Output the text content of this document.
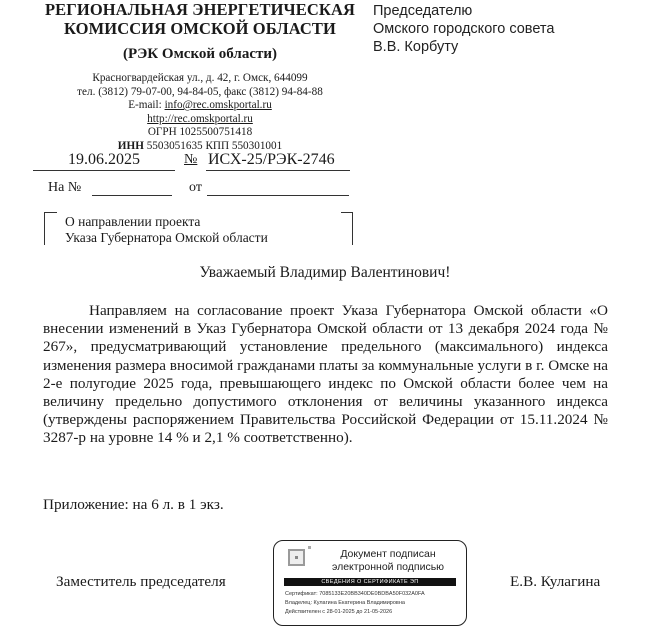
РЕГИОНАЛЬНАЯ ЭНЕРГЕТИЧЕСКАЯ
КОМИССИЯ ОМСКОЙ ОБЛАСТИ
(РЭК Омской области)
Красногвардейская ул., д. 42, г. Омск, 644099
тел. (3812) 79-07-00, 94-84-05, факс (3812) 94-84-88
E-mail: info@rec.omskportal.ru
http://rec.omskportal.ru
ОГРН 1025500751418
ИНН 5503051635 КПП 550301001
19.06.2025	№ ИСХ-25/РЭК-2746
На №	от
О направлении проекта
Указа Губернатора Омской области
Председателю
Омского городского совета
В.В. Корбуту
Уважаемый Владимир Валентинович!
Направляем на согласование проект Указа Губернатора Омской области «О внесении изменений в Указ Губернатора Омской области от 13 декабря 2024 года № 267», предусматривающий установление предельного (максимального) индекса изменения размера вносимой гражданами платы за коммунальные услуги в г. Омске на 2-е полугодие 2025 года, превышающего индекс по Омской области более чем на величину предельно допустимого отклонения от величины указанного индекса (утверждены распоряжением Правительства Российской Федерации от 15.11.2024 № 3287-р на уровне 14 % и 2,1 % соответственно).
Приложение: на 6 л. в 1 экз.
Заместитель председателя	Е.В. Кулагина
Документ подписан
электронной подписью
СВЕДЕНИЯ О СЕРТИФИКАТЕ ЭП
Сертификат: 7085133E20BB340DE0BDBA50F032A0FA
Владелец: Кулагина Екатерина Владимировна
Действителен с 28-01-2025 до 21-05-2026
